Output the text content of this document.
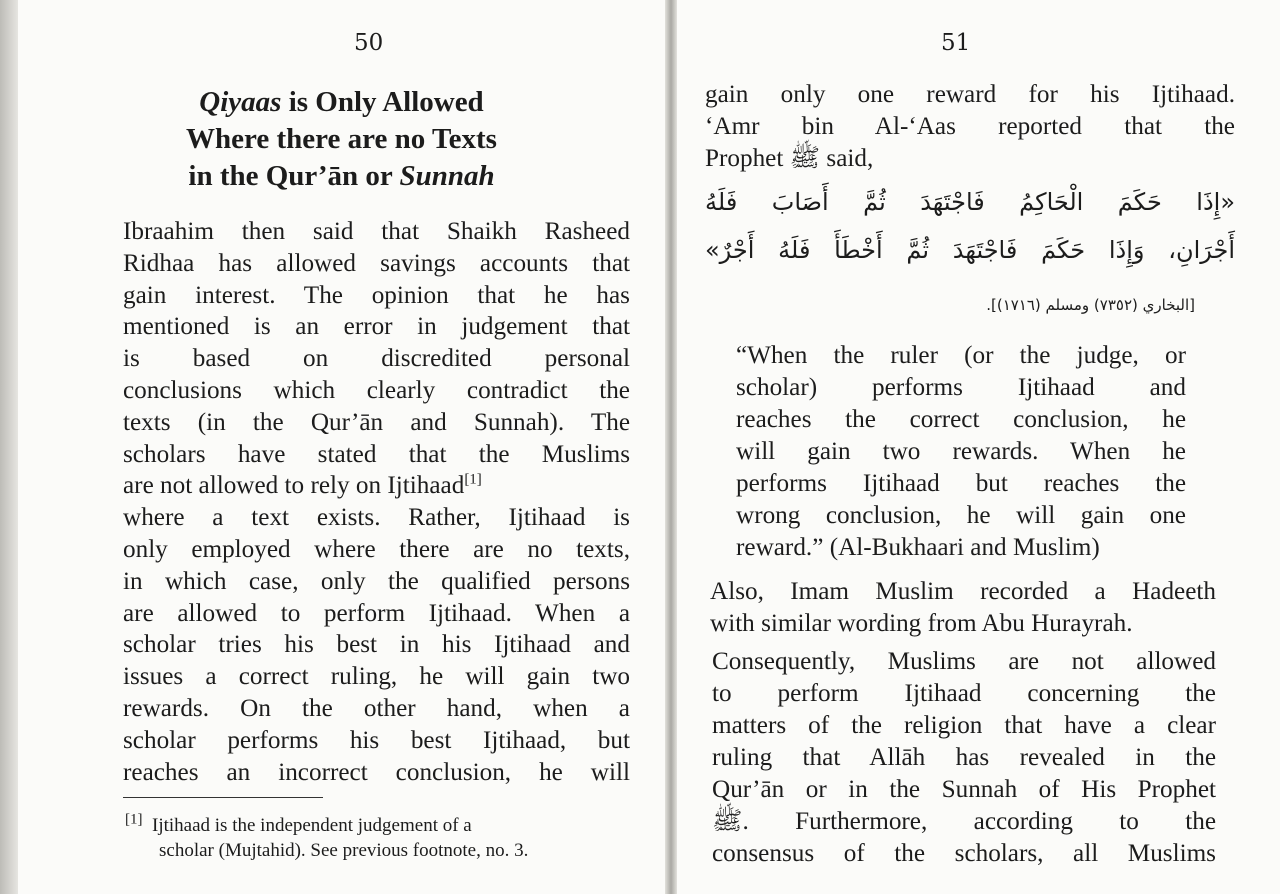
50
Qiyaas is Only Allowed
Where there are no Texts
in the Qur’ān or Sunnah
Ibraahim then said that Shaikh Rasheed
Ridhaa has allowed savings accounts that
gain interest. The opinion that he has
mentioned is an error in judgement that
is based on discredited personal
conclusions which clearly contradict the
texts (in the Qur’ān and Sunnah). The
scholars have stated that the Muslims
are not allowed to rely on Ijtihaad[1]
where a text exists. Rather, Ijtihaad is
only employed where there are no texts,
in which case, only the qualified persons
are allowed to perform Ijtihaad. When a
scholar tries his best in his Ijtihaad and
issues a correct ruling, he will gain two
rewards. On the other hand, when a
scholar performs his best Ijtihaad, but
reaches an incorrect conclusion, he will
[1] Ijtihaad is the independent judgement of a
scholar (Mujtahid). See previous footnote, no. 3.
51
gain only one reward for his Ijtihaad.
‘Amr bin Al-‘Aas reported that the
Prophet ﷺ said,
«إِذَا حَكَمَ الْحَاكِمُ فَاجْتَهَدَ ثُمَّ أَصَابَ فَلَهُ
أَجْرَانِ، وَإِذَا حَكَمَ فَاجْتَهَدَ ثُمَّ أَخْطَأَ فَلَهُ أَجْرٌ»
[البخاري (٧٣٥٢) ومسلم (١٧١٦)].
“When the ruler (or the judge, or
scholar) performs Ijtihaad and
reaches the correct conclusion, he
will gain two rewards. When he
performs Ijtihaad but reaches the
wrong conclusion, he will gain one
reward.” (Al-Bukhaari and Muslim)
Also, Imam Muslim recorded a Hadeeth
with similar wording from Abu Hurayrah.
Consequently, Muslims are not allowed
to perform Ijtihaad concerning the
matters of the religion that have a clear
ruling that Allāh has revealed in the
Qur’ān or in the Sunnah of His Prophet
ﷺ. Furthermore, according to the
consensus of the scholars, all Muslims
